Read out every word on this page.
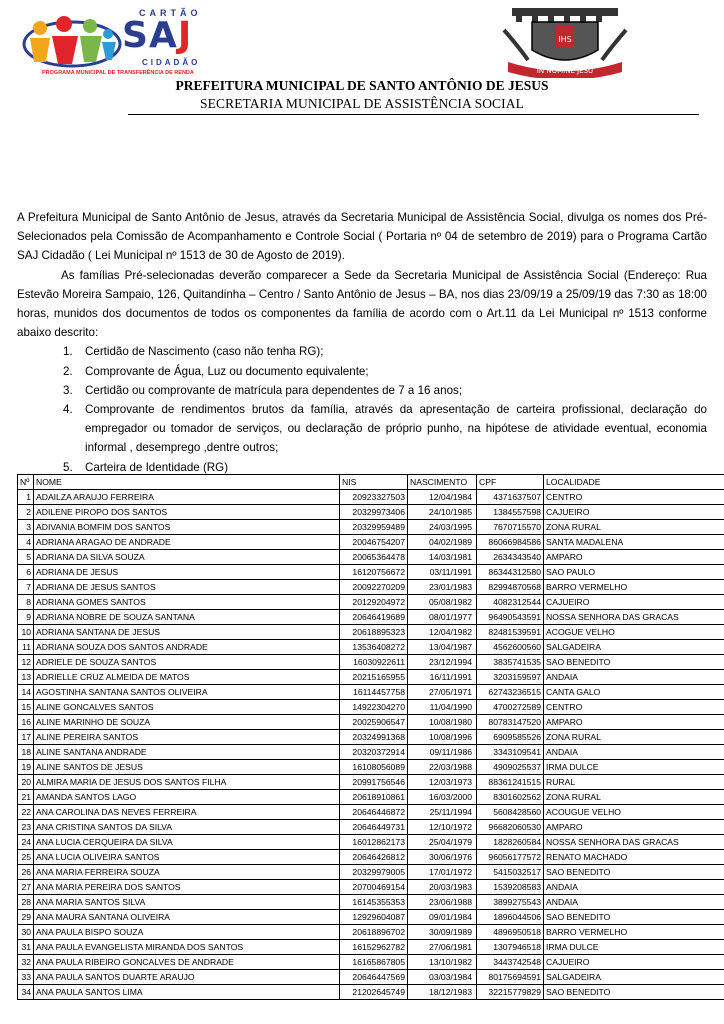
CARTÃO
SAJ
CIDADÃO
PROGRAMA MUNICIPAL DE TRANSFERÊNCIA DE RENDA
IHS
IN NOMINE JESU
PREFEITURA MUNICIPAL DE SANTO ANTÔNIO DE JESUS
SECRETARIA MUNICIPAL DE ASSISTÊNCIA SOCIAL

A Prefeitura Municipal de Santo Antônio de Jesus, através da Secretaria Municipal de Assistência Social, divulga os nomes dos Pré-Selecionados pela Comissão de Acompanhamento e Controle Social ( Portaria nº 04 de setembro de 2019) para o Programa Cartão SAJ Cidadão ( Lei Municipal nº 1513 de 30 de Agosto de 2019).

As famílias Pré-selecionadas deverão comparecer a Sede da Secretaria Municipal de Assistência Social (Endereço: Rua Estevão Moreira Sampaio, 126, Quitandinha – Centro / Santo Antônio de Jesus – BA, nos dias 23/09/19 a 25/09/19 das 7:30 as 18:00 horas, munidos dos documentos de todos os componentes da família de acordo com o Art.11 da Lei Municipal nº 1513 conforme abaixo descrito:

1. Certidão de Nascimento (caso não tenha RG);
2. Comprovante de Água, Luz ou documento equivalente;
3. Certidão ou comprovante de matrícula para dependentes de 7 a 16 anos;
4. Comprovante de rendimentos brutos da família, através da apresentação de carteira profissional, declaração do empregador ou tomador de serviços, ou declaração de próprio punho, na hipótese de atividade eventual, economia informal , desemprego ,dentre outros;
5. Carteira de Identidade (RG)
Nº	NOME	NIS	NASCIMENTO	CPF	LOCALIDADE
1	ADAILZA ARAUJO FERREIRA	20923327503	12/04/1984	4371637507	CENTRO
2	ADILENE PIROPO DOS SANTOS	20329973406	24/10/1985	1384557598	CAJUEIRO
3	ADIVANIA BOMFIM DOS SANTOS	20329959489	24/03/1995	7670715570	ZONA RURAL
4	ADRIANA ARAGAO DE ANDRADE	20046754207	04/02/1989	86066984586	SANTA MADALENA
5	ADRIANA DA SILVA SOUZA	20065364478	14/03/1981	2634343540	AMPARO
6	ADRIANA DE JESUS	16120756672	03/11/1991	86344312580	SAO PAULO
7	ADRIANA DE JESUS SANTOS	20092270209	23/01/1983	82994870568	BARRO VERMELHO
8	ADRIANA GOMES SANTOS	20129204972	05/08/1982	4082312544	CAJUEIRO
9	ADRIANA NOBRE DE SOUZA SANTANA	20646419689	08/01/1977	96490543591	NOSSA SENHORA DAS GRACAS
10	ADRIANA SANTANA DE JESUS	20618895323	12/04/1982	82481539591	ACOGUE VELHO
11	ADRIANA SOUZA DOS SANTOS ANDRADE	13536408272	13/04/1987	4562600560	SALGADEIRA
12	ADRIELE DE SOUZA SANTOS	16030922611	23/12/1994	3835741535	SAO BENEDITO
13	ADRIELLE CRUZ ALMEIDA DE MATOS	20215165955	16/11/1991	3203159597	ANDAIA
14	AGOSTINHA SANTANA SANTOS OLIVEIRA	16114457758	27/05/1971	62743236515	CANTA GALO
15	ALINE GONCALVES SANTOS	14922304270	11/04/1990	4700272589	CENTRO
16	ALINE MARINHO DE SOUZA	20025906547	10/08/1980	80783147520	AMPARO
17	ALINE PEREIRA SANTOS	20324991368	10/08/1996	6909585526	ZONA RURAL
18	ALINE SANTANA ANDRADE	20320372914	09/11/1986	3343109541	ANDAIA
19	ALINE SANTOS DE JESUS	16108056089	22/03/1988	4909025537	IRMA DULCE
20	ALMIRA MARIA DE JESUS DOS SANTOS FILHA	20991756546	12/03/1973	88361241515	RURAL
21	AMANDA SANTOS LAGO	20618910861	16/03/2000	8301602562	ZONA RURAL
22	ANA CAROLINA DAS NEVES FERREIRA	20646446872	25/11/1994	5608428560	ACOUGUE VELHO
23	ANA CRISTINA SANTOS DA SILVA	20646449731	12/10/1972	96682060530	AMPARO
24	ANA LUCIA CERQUEIRA DA SILVA	16012862173	25/04/1979	1828260584	NOSSA SENHORA DAS GRACAS
25	ANA LUCIA OLIVEIRA SANTOS	20646426812	30/06/1976	96056177572	RENATO MACHADO
26	ANA MARIA FERREIRA SOUZA	20329979005	17/01/1972	5415032517	SAO BENEDITO
27	ANA MARIA PEREIRA DOS SANTOS	20700469154	20/03/1983	1539208583	ANDAIA
28	ANA MARIA SANTOS SILVA	16145355353	23/06/1988	3899275543	ANDAIA
29	ANA MAURA SANTANA OLIVEIRA	12929604087	09/01/1984	1896044506	SAO BENEDITO
30	ANA PAULA BISPO SOUZA	20618896702	30/09/1989	4896950518	BARRO VERMELHO
31	ANA PAULA EVANGELISTA MIRANDA DOS SANTOS	16152962782	27/06/1981	1307946518	IRMA DULCE
32	ANA PAULA RIBEIRO GONCALVES DE ANDRADE	16165867805	13/10/1982	3443742548	CAJUEIRO
33	ANA PAULA SANTOS DUARTE ARAUJO	20646447569	03/03/1984	80175694591	SALGADEIRA
34	ANA PAULA SANTOS LIMA	21202645749	18/12/1983	32215779829	SAO BENEDITO
